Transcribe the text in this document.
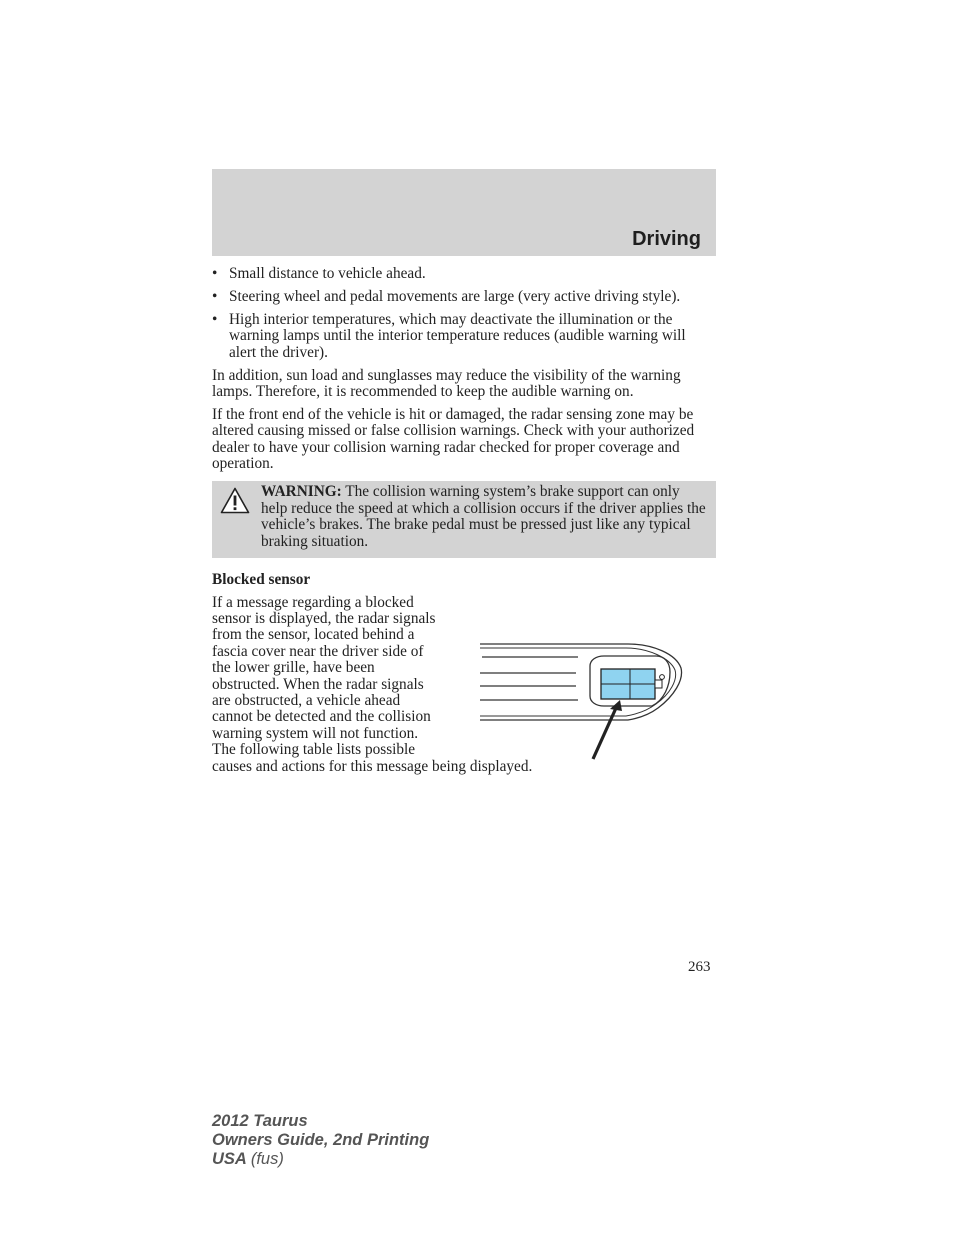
Driving
• Small distance to vehicle ahead.
• Steering wheel and pedal movements are large (very active driving style).
• High interior temperatures, which may deactivate the illumination or the warning lamps until the interior temperature reduces (audible warning will alert the driver).

In addition, sun load and sunglasses may reduce the visibility of the warning lamps. Therefore, it is recommended to keep the audible warning on.

If the front end of the vehicle is hit or damaged, the radar sensing zone may be altered causing missed or false collision warnings. Check with your authorized dealer to have your collision warning radar checked for proper coverage and operation.

WARNING: The collision warning system’s brake support can only help reduce the speed at which a collision occurs if the driver applies the vehicle’s brakes. The brake pedal must be pressed just like any typical braking situation.
Blocked sensor
If a message regarding a blocked
sensor is displayed, the radar signals
from the sensor, located behind a
fascia cover near the driver side of
the lower grille, have been
obstructed. When the radar signals
are obstructed, a vehicle ahead
cannot be detected and the collision
warning system will not function.
The following table lists possible
causes and actions for this message being displayed.
263
2012 Taurus
Owners Guide, 2nd Printing
USA (fus)
